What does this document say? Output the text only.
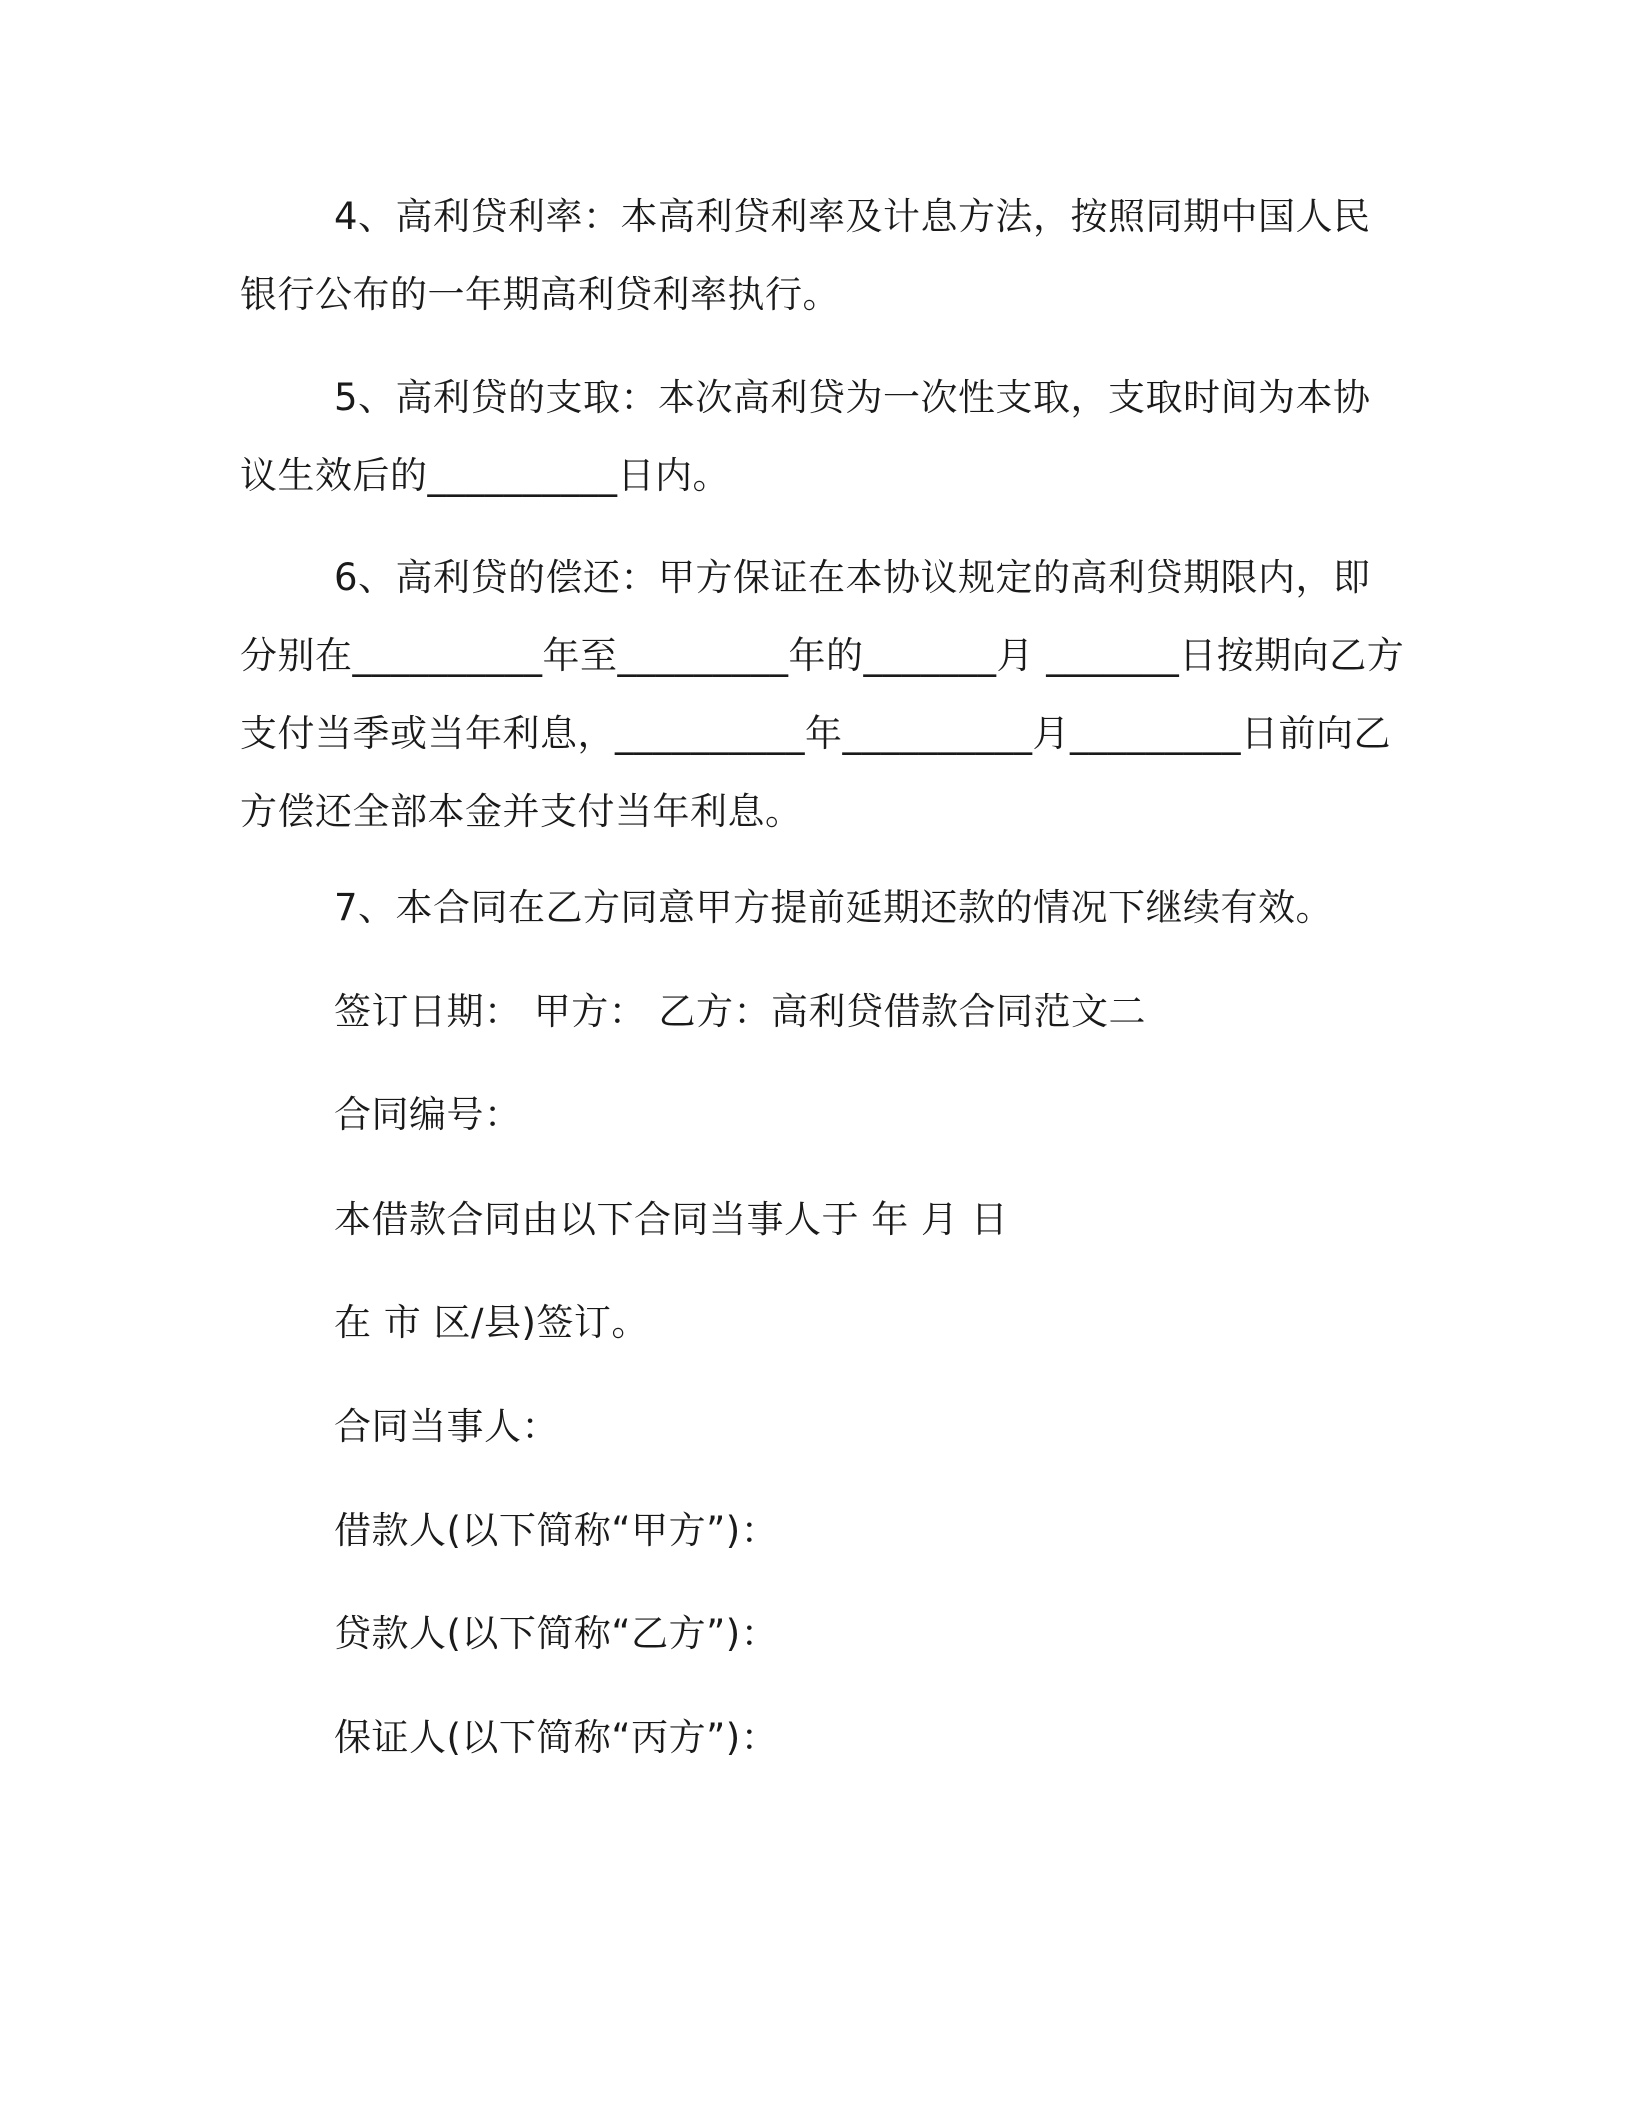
4、高利贷利率：本高利贷利率及计息方法，按照同期中国人民
银行公布的一年期高利贷利率执行。
5、高利贷的支取：本次高利贷为一次性支取，支取时间为本协
议生效后的__________日内。
6、高利贷的偿还：甲方保证在本协议规定的高利贷期限内，即
分别在__________年至_________年的_______月 _______日按期向乙方
支付当季或当年利息，__________年__________月_________日前向乙
方偿还全部本金并支付当年利息。

7、本合同在乙方同意甲方提前延期还款的情况下继续有效。

签订日期： 甲方： 乙方：高利贷借款合同范文二

合同编号：

本借款合同由以下合同当事人于 年 月 日

在 市 区/县)签订。

合同当事人：

借款人(以下简称“甲方”)：

贷款人(以下简称“乙方”)：

保证人(以下简称“丙方”)：
